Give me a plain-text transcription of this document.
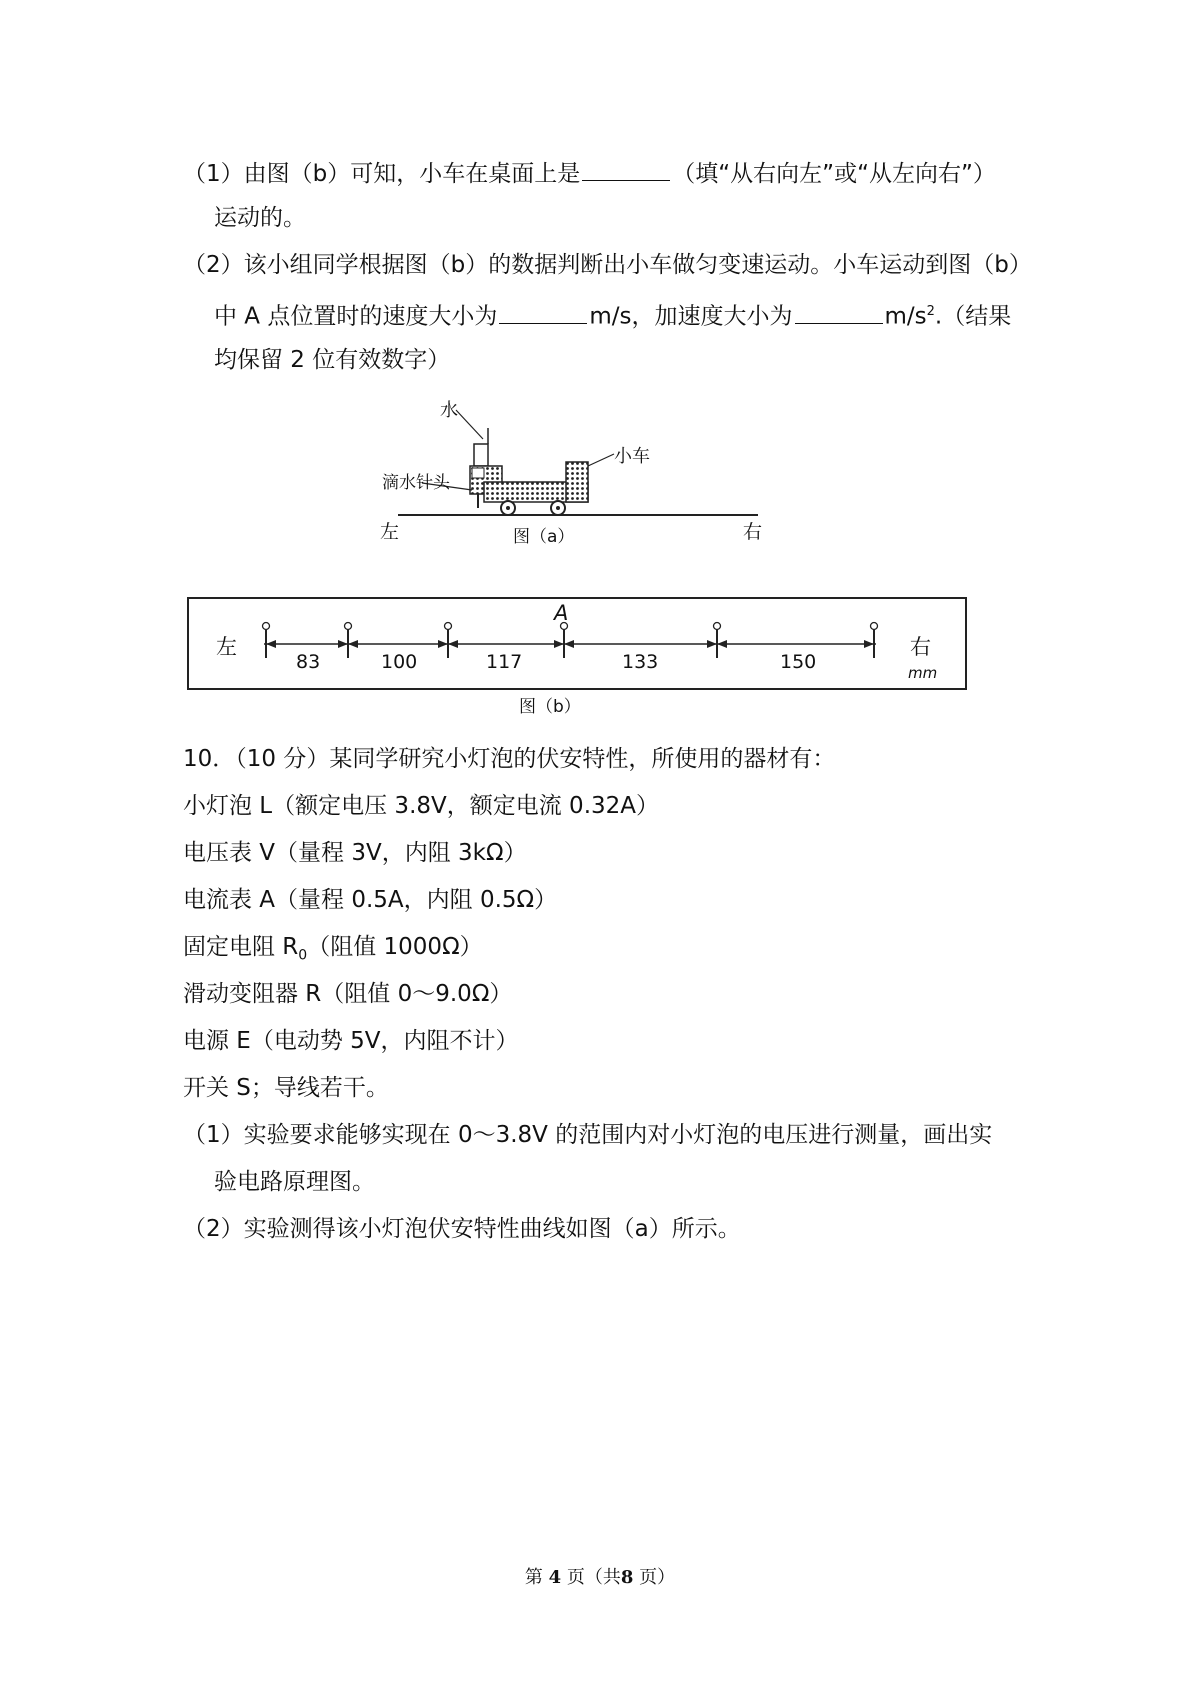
（1）由图（b）可知，小车在桌面上是	（填“从右向左”或“从左向右”）
运动的。
（2）该小组同学根据图（b）的数据判断出小车做匀变速运动。小车运动到图（b）
中 A 点位置时的速度大小为	m/s，加速度大小为	$m/s^2$.（结果
均保留 2 位有效数字）
水
滴水针头
小车
左	右
图（a）
83	100	117	133	150
A
左	右
mm
图（b）
10．（10 分）某同学研究小灯泡的伏安特性，所使用的器材有：
小灯泡 L（额定电压 3.8V，额定电流 0.32A）
电压表 V（量程 3V，内阻 3kΩ）
电流表 A（量程 0.5A，内阻 0.5Ω）
固定电阻 $R_0$（阻值 1000Ω）
滑动变阻器 R（阻值 0～9.0Ω）
电源 E（电动势 5V，内阻不计）
开关 S；导线若干。
（1）实验要求能够实现在 0～3.8V 的范围内对小灯泡的电压进行测量，画出实
验电路原理图。
（2）实验测得该小灯泡伏安特性曲线如图（a）所示。
第 4 页（共8 页）
